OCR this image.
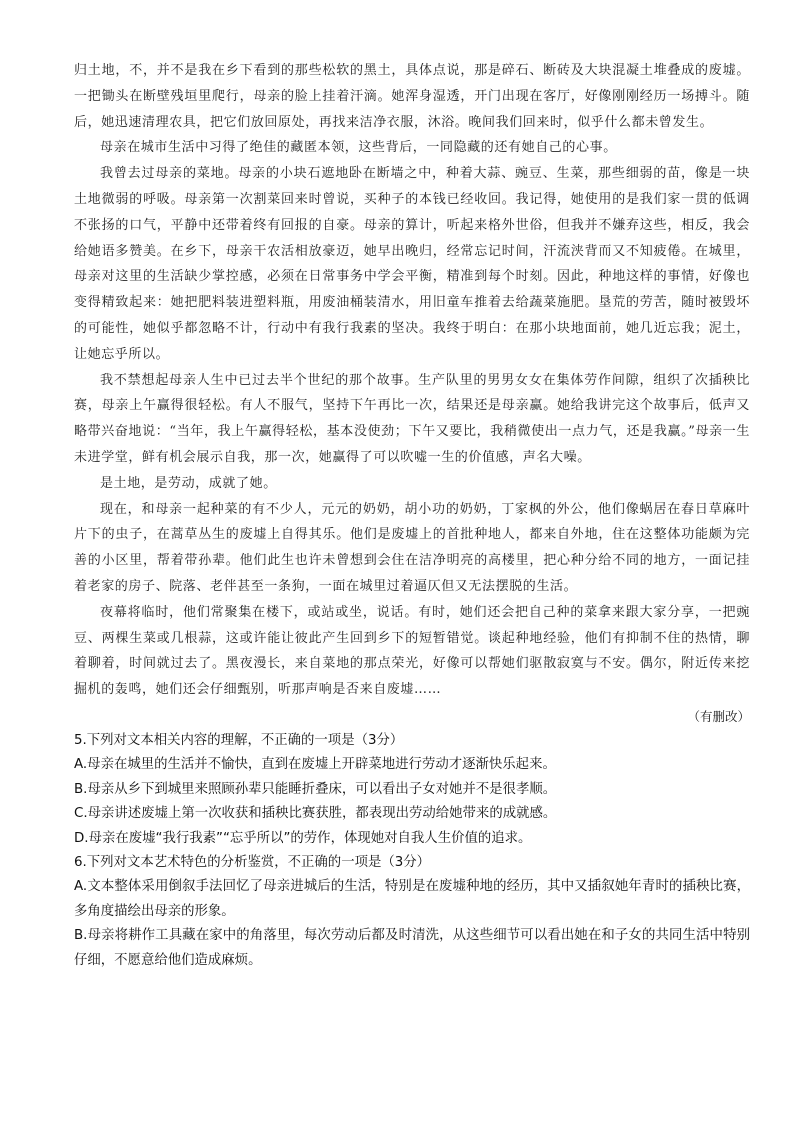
归土地，不，并不是我在乡下看到的那些松软的黑土，具体点说，那是碎石、断砖及大块混凝土堆叠成的废墟。一把锄头在断壁残垣里爬行，母亲的脸上挂着汗滴。她浑身湿透，开门出现在客厅，好像刚刚经历一场搏斗。随后，她迅速清理农具，把它们放回原处，再找来洁净衣服，沐浴。晚间我们回来时，似乎什么都未曾发生。

母亲在城市生活中习得了绝佳的藏匿本领，这些背后，一同隐藏的还有她自己的心事。

我曾去过母亲的菜地。母亲的小块石遮地卧在断墙之中，种着大蒜、豌豆、生菜，那些细弱的苗，像是一块土地微弱的呼吸。母亲第一次割菜回来时曾说，买种子的本钱已经收回。我记得，她使用的是我们家一贯的低调不张扬的口气，平静中还带着终有回报的自豪。母亲的算计，听起来格外世俗，但我并不嫌弃这些，相反，我会给她语多赞美。在乡下，母亲干农活相放豪迈，她早出晚归，经常忘记时间，汗流浃背而又不知疲倦。在城里，母亲对这里的生活缺少掌控感，必须在日常事务中学会平衡，精准到每个时刻。因此，种地这样的事情，好像也变得精致起来：她把肥料装进塑料瓶，用废油桶装清水，用旧童车推着去给蔬菜施肥。垦荒的劳苦，随时被毁坏的可能性，她似乎都忽略不计，行动中有我行我素的坚决。我终于明白：在那小块地面前，她几近忘我；泥土，让她忘乎所以。

我不禁想起母亲人生中已过去半个世纪的那个故事。生产队里的男男女女在集体劳作间隙，组织了次插秧比赛，母亲上午赢得很轻松。有人不服气，坚持下午再比一次，结果还是母亲赢。她给我讲完这个故事后，低声又略带兴奋地说：“当年，我上午赢得轻松，基本没使劲；下午又要比，我稍微使出一点力气，还是我赢。”母亲一生未进学堂，鲜有机会展示自我，那一次，她赢得了可以吹嘘一生的价值感，声名大噪。

是土地，是劳动，成就了她。

现在，和母亲一起种菜的有不少人，元元的奶奶，胡小功的奶奶，丁家枫的外公，他们像蜗居在春日草麻叶片下的虫子，在蒿草丛生的废墟上自得其乐。他们是废墟上的首批种地人，都来自外地，住在这整体功能颇为完善的小区里，帮着带孙辈。他们此生也许未曾想到会住在洁净明亮的高楼里，把心种分给不同的地方，一面记挂着老家的房子、院落、老伴甚至一条狗，一面在城里过着逼仄但又无法摆脱的生活。

夜幕将临时，他们常聚集在楼下，或站或坐，说话。有时，她们还会把自己种的菜拿来跟大家分享，一把豌豆、两棵生菜或几根蒜，这或许能让彼此产生回到乡下的短暂错觉。谈起种地经验，他们有抑制不住的热情，聊着聊着，时间就过去了。黑夜漫长，来自菜地的那点荣光，好像可以帮她们驱散寂寞与不安。偶尔，附近传来挖掘机的轰鸣，她们还会仔细甄别，听那声响是否来自废墟……

（有删改）

5.下列对文本相关内容的理解，不正确的一项是（3分）

A.母亲在城里的生活并不愉快，直到在废墟上开辟菜地进行劳动才逐渐快乐起来。

B.母亲从乡下到城里来照顾孙辈只能睡折叠床，可以看出子女对她并不是很孝顺。

C.母亲讲述废墟上第一次收获和插秧比赛获胜，都表现出劳动给她带来的成就感。

D.母亲在废墟“我行我素”“忘乎所以”的劳作，体现她对自我人生价值的追求。

6.下列对文本艺术特色的分析鉴赏，不正确的一项是（3分）

A.文本整体采用倒叙手法回忆了母亲进城后的生活，特别是在废墟种地的经历，其中又插叙她年青时的插秧比赛，多角度描绘出母亲的形象。

B.母亲将耕作工具藏在家中的角落里，每次劳动后都及时清洗，从这些细节可以看出她在和子女的共同生活中特别仔细，不愿意给他们造成麻烦。
